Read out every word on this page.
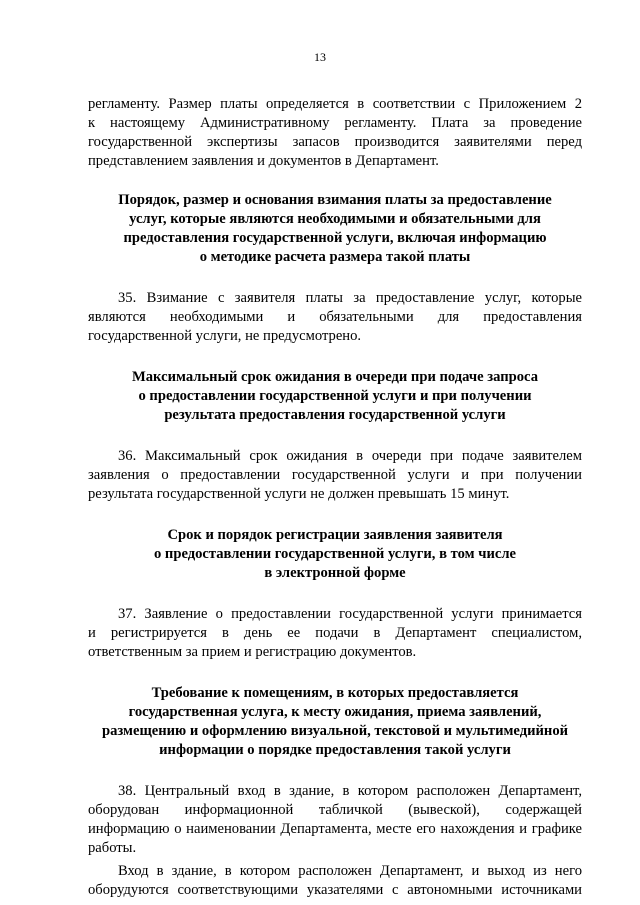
13

регламенту. Размер платы определяется в соответствии с Приложением 2
к настоящему Административному регламенту. Плата за проведение
государственной экспертизы запасов производится заявителями перед
представлением заявления и документов в Департамент.

Порядок, размер и основания взимания платы за предоставление
услуг, которые являются необходимыми и обязательными для
предоставления государственной услуги, включая информацию
о методике расчета размера такой платы

35. Взимание с заявителя платы за предоставление услуг, которые
являются необходимыми и обязательными для предоставления
государственной услуги, не предусмотрено.

Максимальный срок ожидания в очереди при подаче запроса
о предоставлении государственной услуги и при получении
результата предоставления государственной услуги

36. Максимальный срок ожидания в очереди при подаче заявителем
заявления о предоставлении государственной услуги и при получении
результата государственной услуги не должен превышать 15 минут.

Срок и порядок регистрации заявления заявителя
о предоставлении государственной услуги, в том числе
в электронной форме

37. Заявление о предоставлении государственной услуги принимается
и регистрируется в день ее подачи в Департамент специалистом,
ответственным за прием и регистрацию документов.

Требование к помещениям, в которых предоставляется
государственная услуга, к месту ожидания, приема заявлений,
размещению и оформлению визуальной, текстовой и мультимедийной
информации о порядке предоставления такой услуги

38. Центральный вход в здание, в котором расположен Департамент,
оборудован информационной табличкой (вывеской), содержащей
информацию о наименовании Департамента, месте его нахождения и графике
работы.

Вход в здание, в котором расположен Департамент, и выход из него
оборудуются соответствующими указателями с автономными источниками
